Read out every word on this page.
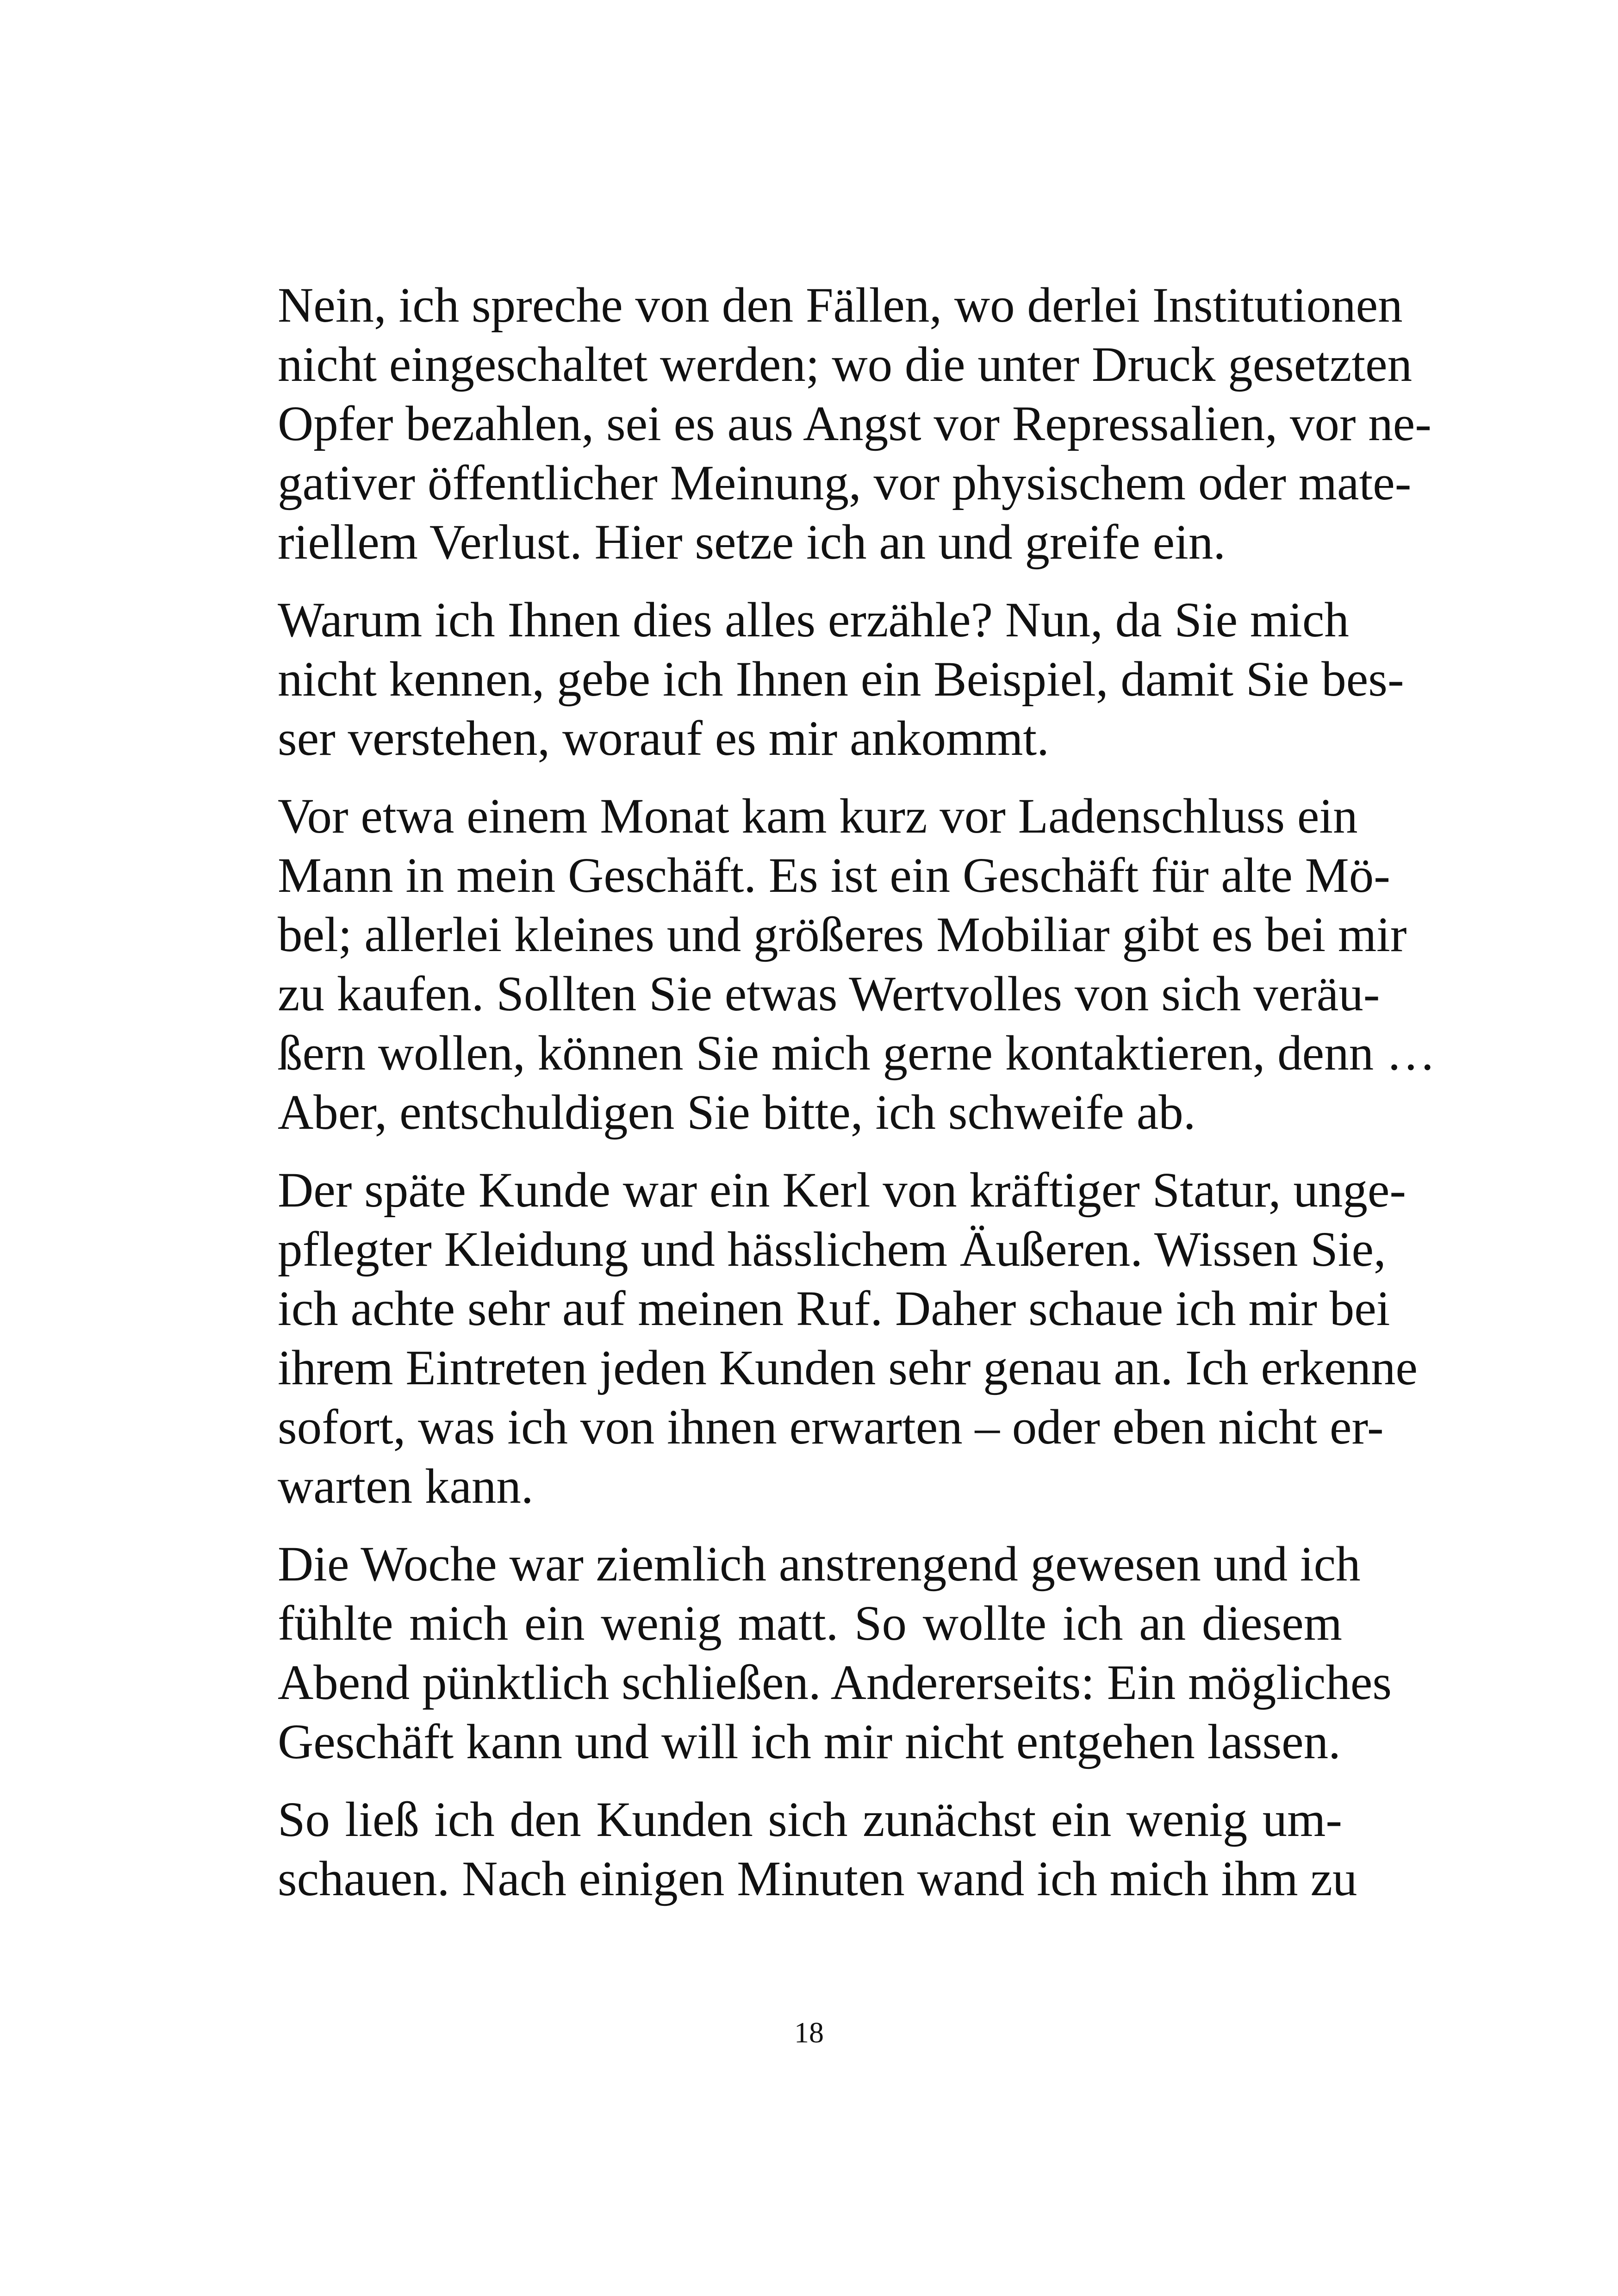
Nein, ich spreche von den Fällen, wo derlei Institutionen
nicht eingeschaltet werden; wo die unter Druck gesetzten
Opfer bezahlen, sei es aus Angst vor Repressalien, vor ne-
gativer öffentlicher Meinung, vor physischem oder mate-
riellem Verlust. Hier setze ich an und greife ein.

Warum ich Ihnen dies alles erzähle? Nun, da Sie mich
nicht kennen, gebe ich Ihnen ein Beispiel, damit Sie bes-
ser verstehen, worauf es mir ankommt.

Vor etwa einem Monat kam kurz vor Ladenschluss ein
Mann in mein Geschäft. Es ist ein Geschäft für alte Mö-
bel; allerlei kleines und größeres Mobiliar gibt es bei mir
zu kaufen. Sollten Sie etwas Wertvolles von sich veräu-
ßern wollen, können Sie mich gerne kontaktieren, denn …
Aber, entschuldigen Sie bitte, ich schweife ab.

Der späte Kunde war ein Kerl von kräftiger Statur, unge-
pflegter Kleidung und hässlichem Äußeren. Wissen Sie,
ich achte sehr auf meinen Ruf. Daher schaue ich mir bei
ihrem Eintreten jeden Kunden sehr genau an. Ich erkenne
sofort, was ich von ihnen erwarten – oder eben nicht er-
warten kann.

Die Woche war ziemlich anstrengend gewesen und ich
fühlte mich ein wenig matt. So wollte ich an diesem
Abend pünktlich schließen. Andererseits: Ein mögliches
Geschäft kann und will ich mir nicht entgehen lassen.

So ließ ich den Kunden sich zunächst ein wenig um-
schauen. Nach einigen Minuten wand ich mich ihm zu

18
